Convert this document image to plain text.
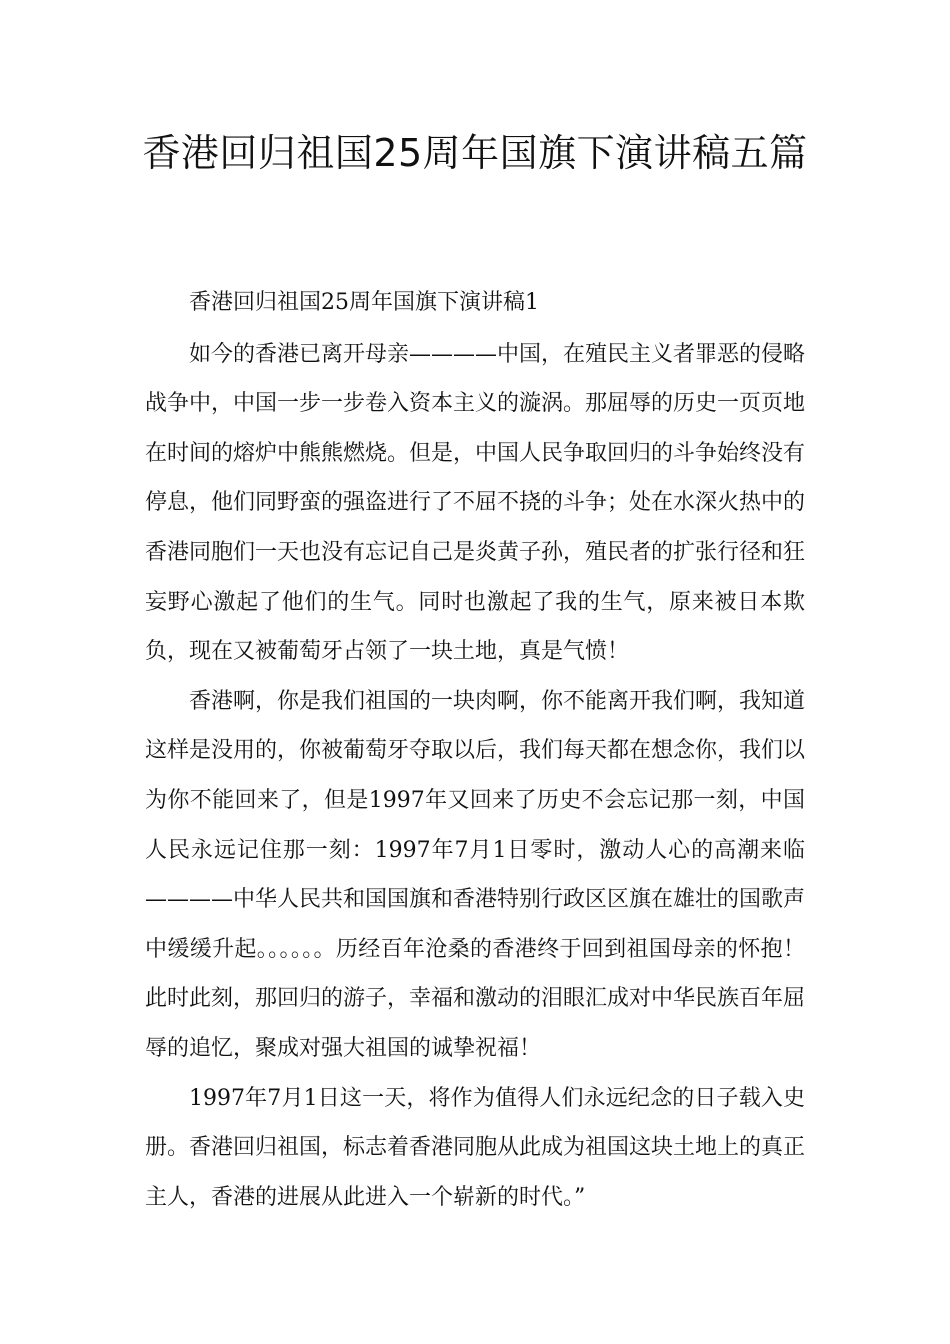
香港回归祖国25周年国旗下演讲稿五篇

香港回归祖国25周年国旗下演讲稿1

如今的香港已离开母亲————中国，在殖民主义者罪恶的侵略战争中，中国一步一步卷入资本主义的漩涡。那屈辱的历史一页页地在时间的熔炉中熊熊燃烧。但是，中国人民争取回归的斗争始终没有停息，他们同野蛮的强盗进行了不屈不挠的斗争；处在水深火热中的香港同胞们一天也没有忘记自己是炎黄子孙，殖民者的扩张行径和狂妄野心激起了他们的生气。同时也激起了我的生气，原来被日本欺负，现在又被葡萄牙占领了一块土地，真是气愤！

香港啊，你是我们祖国的一块肉啊，你不能离开我们啊，我知道这样是没用的，你被葡萄牙夺取以后，我们每天都在想念你，我们以为你不能回来了，但是1997年又回来了历史不会忘记那一刻，中国人民永远记住那一刻：1997年7月1日零时，激动人心的高潮来临————中华人民共和国国旗和香港特别行政区区旗在雄壮的国歌声中缓缓升起。。。。。。历经百年沧桑的香港终于回到祖国母亲的怀抱！此时此刻，那回归的游子，幸福和激动的泪眼汇成对中华民族百年屈辱的追忆，聚成对强大祖国的诚挚祝福！

1997年7月1日这一天，将作为值得人们永远纪念的日子载入史册。香港回归祖国，标志着香港同胞从此成为祖国这块土地上的真正主人，香港的进展从此进入一个崭新的时代。”
